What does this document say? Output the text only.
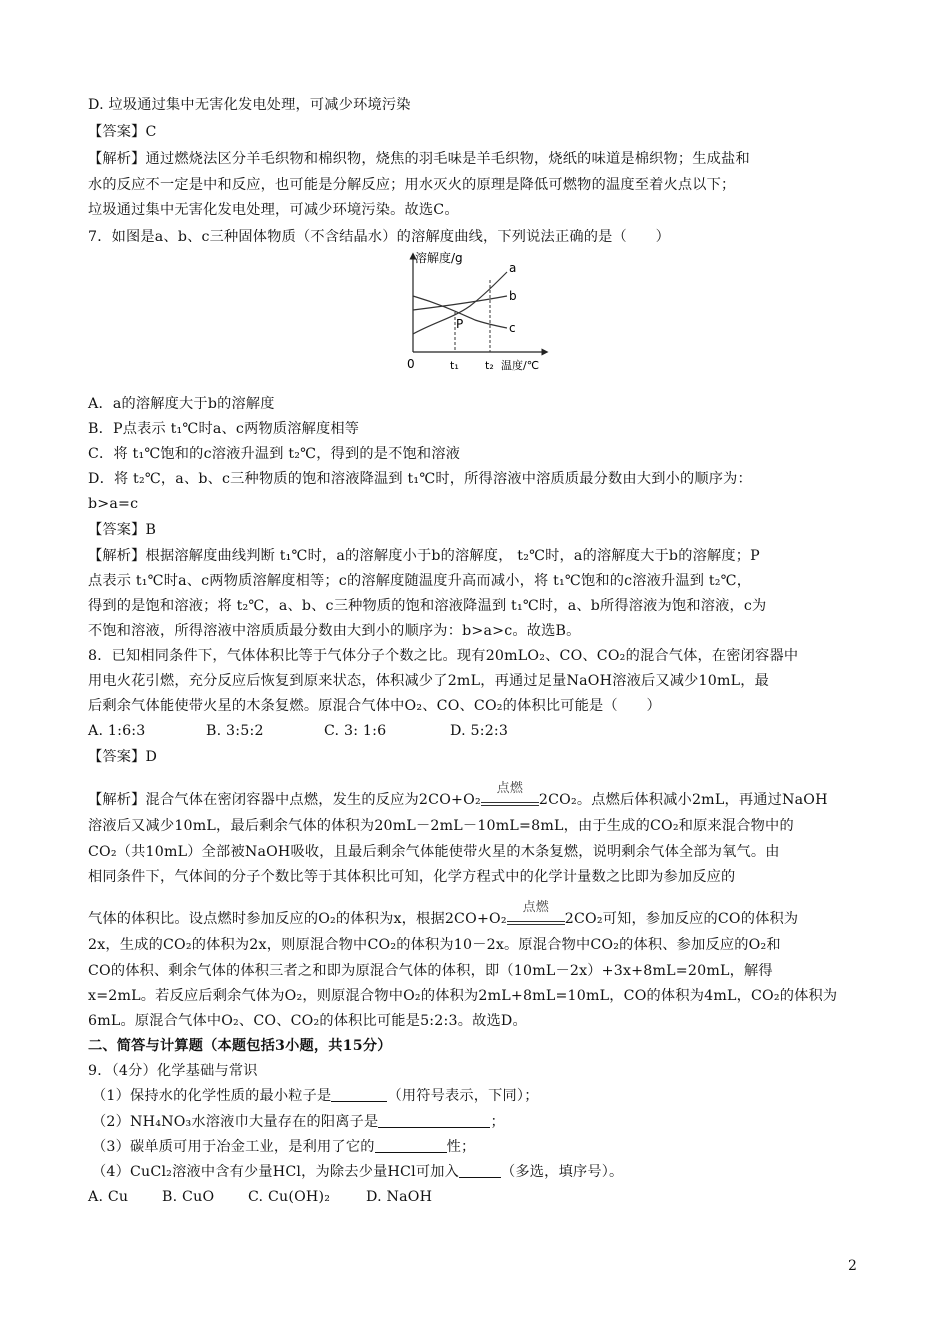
D. 垃圾通过集中无害化发电处理，可减少环境污染
【答案】C
【解析】通过燃烧法区分羊毛织物和棉织物，烧焦的羽毛味是羊毛织物，烧纸的味道是棉织物；生成盐和
水的反应不一定是中和反应，也可能是分解反应；用水灭火的原理是降低可燃物的温度至着火点以下；
垃圾通过集中无害化发电处理，可减少环境污染。故选C。
7．如图是a、b、c三种固体物质（不含结晶水）的溶解度曲线，下列说法正确的是（　　）
溶解度/g
a
b
c
P
0	t₁ t₂ 温度/℃
A．a的溶解度大于b的溶解度
B．P点表示 t₁℃时a、c两物质溶解度相等
C．将 t₁℃饱和的c溶液升温到 t₂℃，得到的是不饱和溶液
D．将 t₂℃，a、b、c三种物质的饱和溶液降温到 t₁℃时，所得溶液中溶质质最分数由大到小的顺序为：
b>a=c
【答案】B
【解析】根据溶解度曲线判断 t₁℃时，a的溶解度小于b的溶解度， t₂℃时，a的溶解度大于b的溶解度；P
点表示 t₁℃时a、c两物质溶解度相等；c的溶解度随温度升高而减小，将 t₁℃饱和的c溶液升温到 t₂℃，
得到的是饱和溶液；将 t₂℃，a、b、c三种物质的饱和溶液降温到 t₁℃时，a、b所得溶液为饱和溶液，c为
不饱和溶液，所得溶液中溶质质最分数由大到小的顺序为：b>a>c。故选B。
8．已知相同条件下，气体体积比等于气体分子个数之比。现有20mLO₂、CO、CO₂的混合气体，在密闭容器中
用电火花引燃，充分反应后恢复到原来状态，体积减少了2mL，再通过足量NaOH溶液后又减少10mL，最
后剩余气体能使带火星的木条复燃。原混合气体中O₂、CO、CO₂的体积比可能是（　　）
A. 1:6:3	B. 3:5:2	C. 3: 1:6	D. 5:2:3
【答案】D
【解析】混合气体在密闭容器中点燃，发生的反应为2CO+O₂
点燃
2CO₂。点燃后体积减小2mL，再通过NaOH
溶液后又减少10mL，最后剩余气体的体积为20mL－2mL－10mL=8mL，由于生成的CO₂和原来混合物中的
CO₂（共10mL）全部被NaOH吸收，且最后剩余气体能使带火星的木条复燃，说明剩余气体全部为氧气。由
相同条件下，气体间的分子个数比等于其体积比可知，化学方程式中的化学计量数之比即为参加反应的
气体的体积比。设点燃时参加反应的O₂的体积为x，根据2CO+O₂
点燃
2CO₂可知，参加反应的CO的体积为
2x，生成的CO₂的体积为2x，则原混合物中CO₂的体积为10－2x。原混合物中CO₂的体积、参加反应的O₂和
CO的体积、剩余气体的体积三者之和即为原混合气体的体积，即（10mL－2x）+3x+8mL=20mL，解得
x=2mL。若反应后剩余气体为O₂，则原混合物中O₂的体积为2mL+8mL=10mL，CO的体积为4mL，CO₂的体积为
6mL。原混合气体中O₂、CO、CO₂的体积比可能是5:2:3。故选D。
二、简答与计算题（本题包括3小题，共15分）
9．（4分）化学基础与常识
（1）保持水的化学性质的最小粒子是	（用符号表示，下同）；
（2）NH₄NO₃水溶液巾大量存在的阳离子是	；
（3）碳单质可用于冶金工业，是利用了它的	性；
（4）CuCl₂溶液中含有少量HCl，为除去少量HCl可加入	（多选，填序号）。
A. Cu B. CuO C. Cu(OH)₂	D. NaOH
2
